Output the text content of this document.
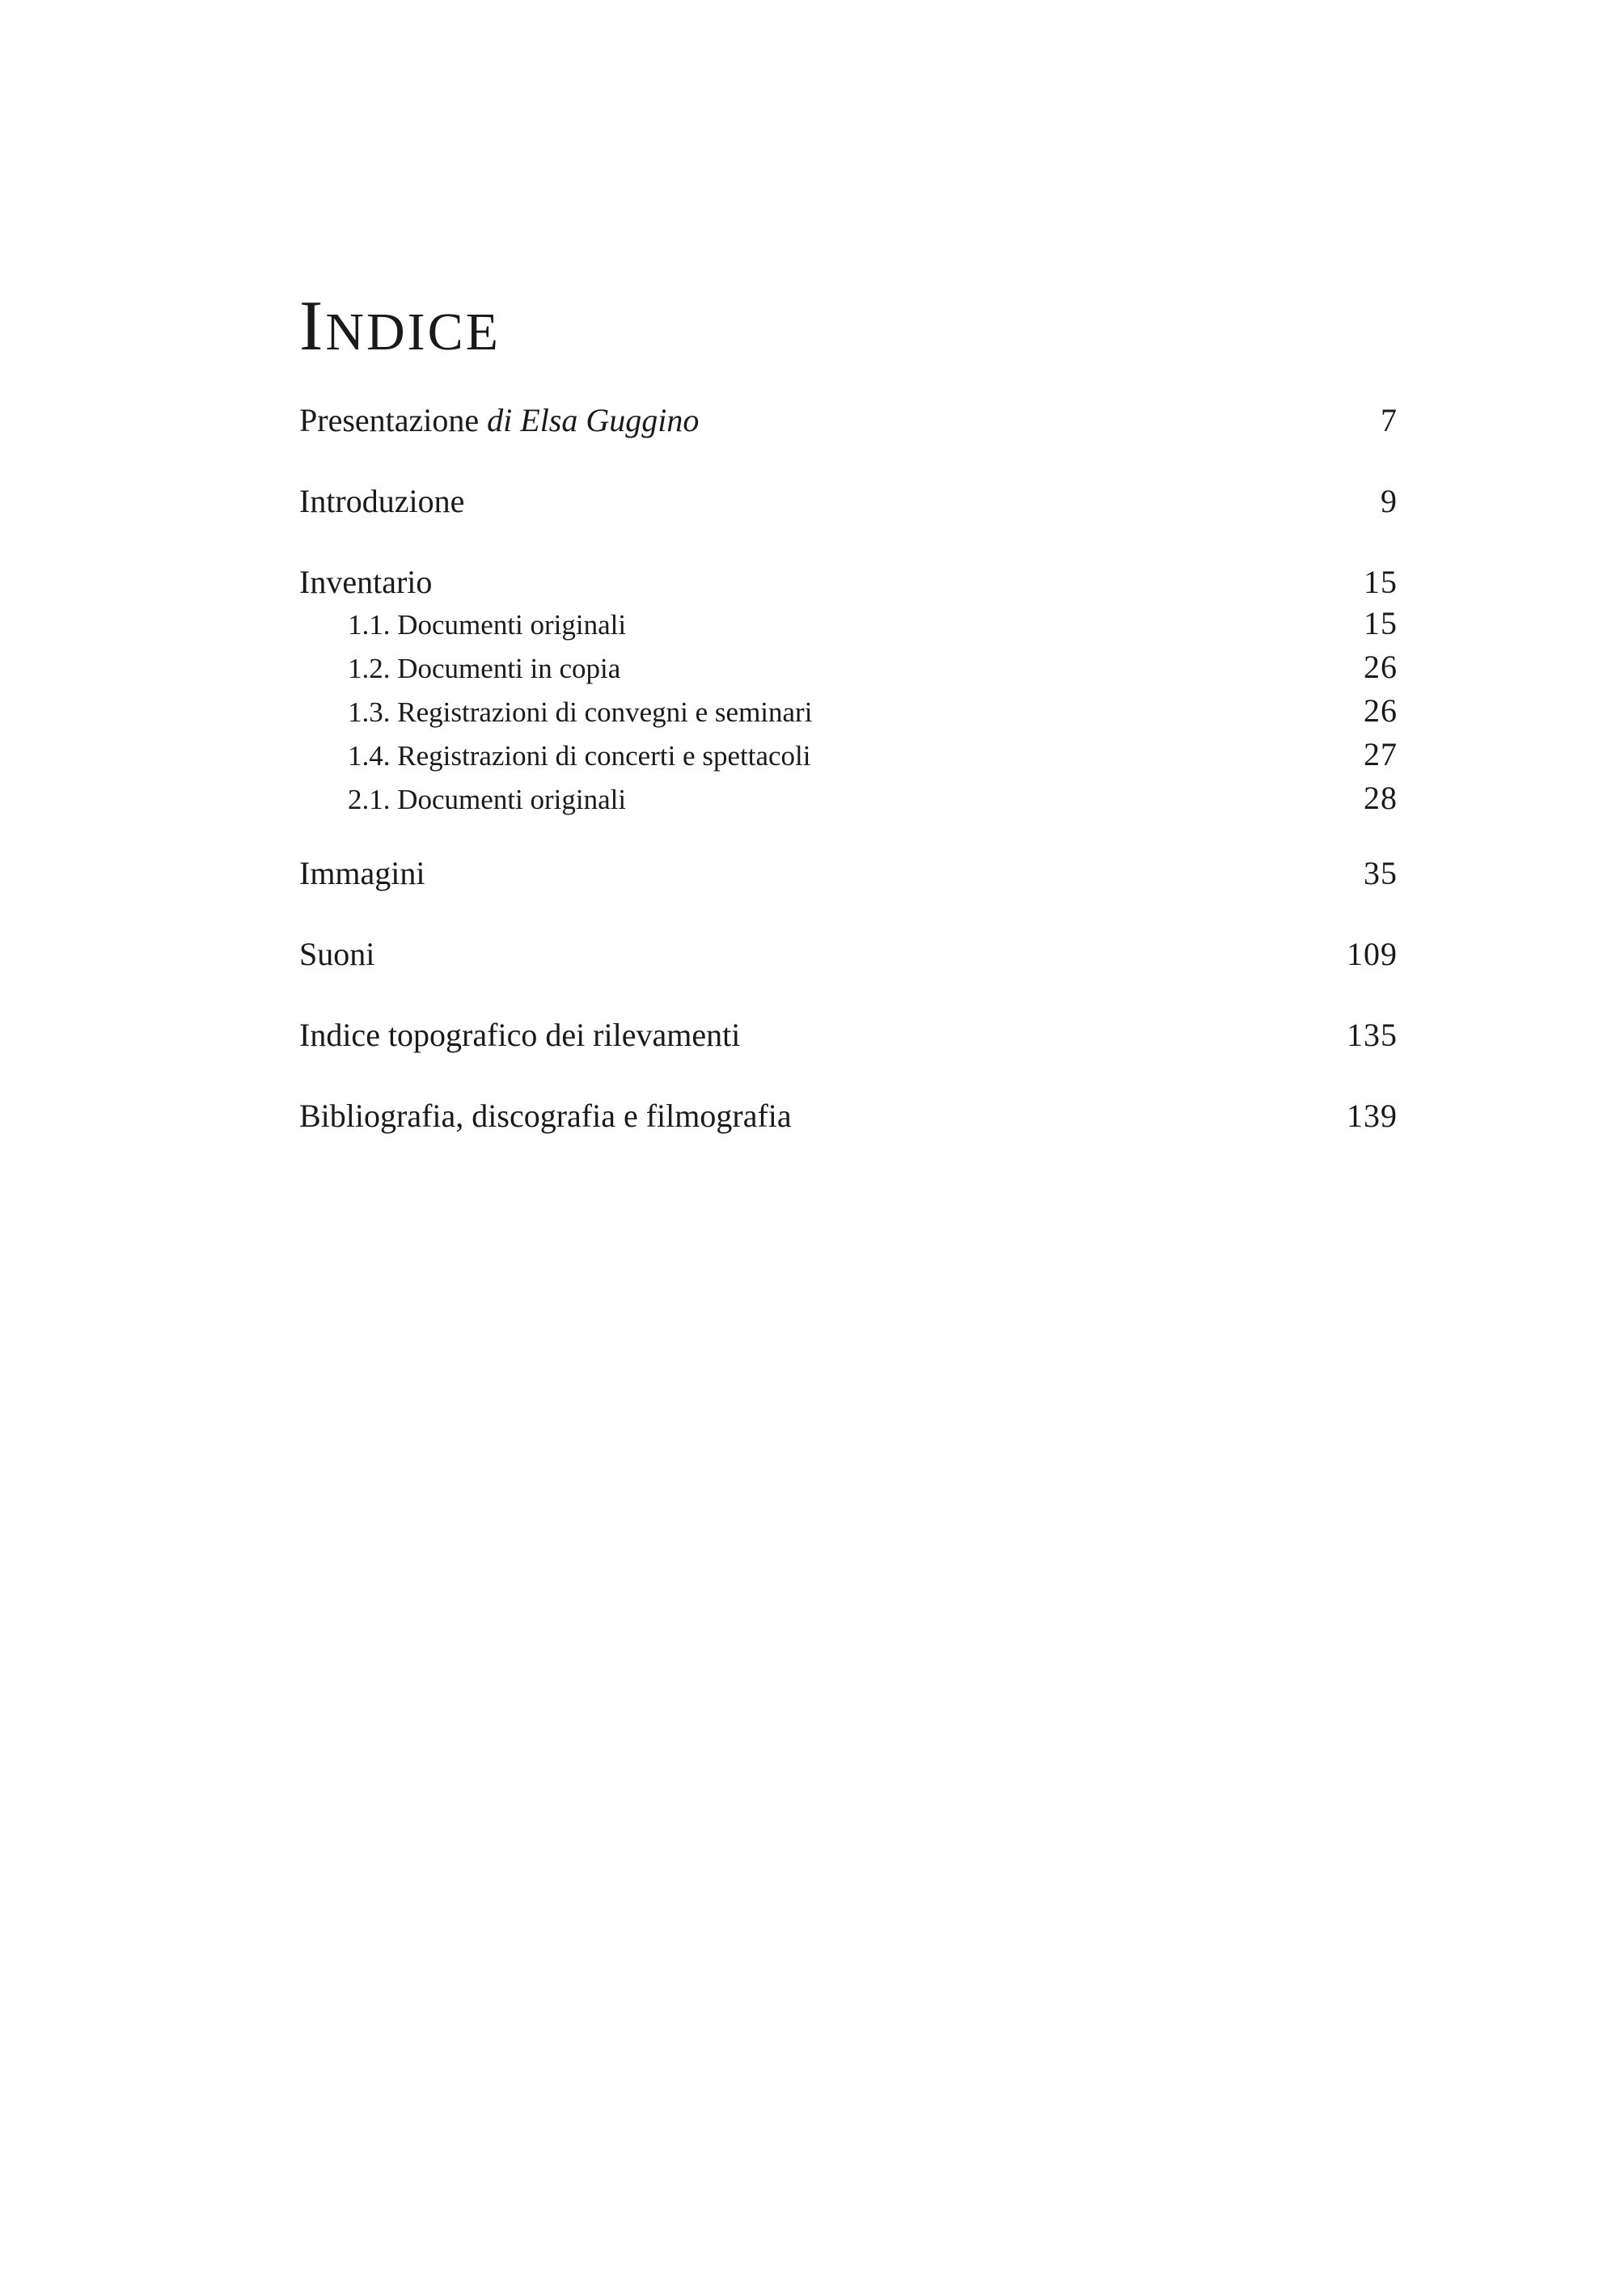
INDICE
Presentazione di Elsa Guggino	7
Introduzione	9
Inventario	15
1.1. Documenti originali	15
1.2. Documenti in copia	26
1.3. Registrazioni di convegni e seminari	26
1.4. Registrazioni di concerti e spettacoli	27
2.1. Documenti originali	28
Immagini	35
Suoni	109
Indice topografico dei rilevamenti	135
Bibliografia, discografia e filmografia	139
